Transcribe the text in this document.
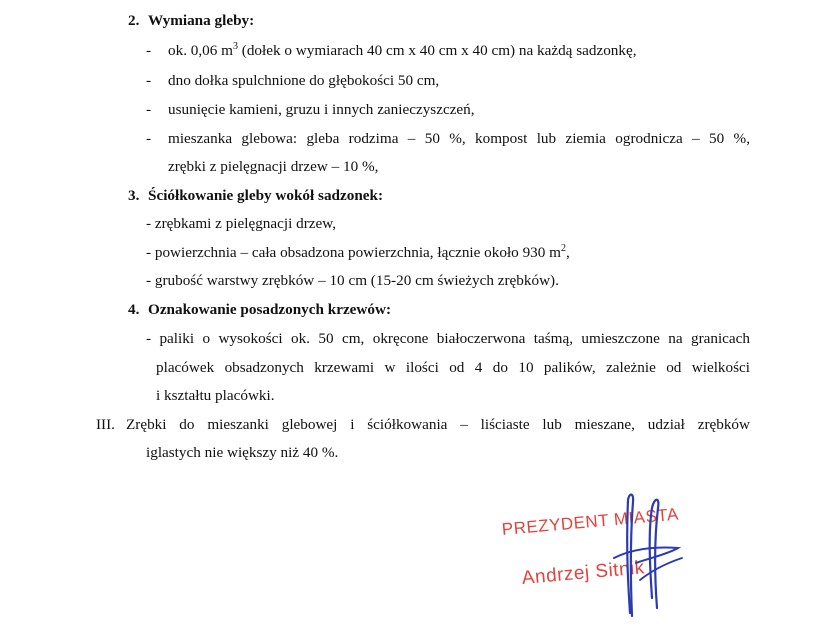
2. Wymiana gleby:
- ok. 0,06 $m^3$ (dołek o wymiarach 40 cm x 40 cm x 40 cm) na każdą sadzonkę,
- dno dołka spulchnione do głębokości 50 cm,
- usunięcie kamieni, gruzu i innych zanieczyszczeń,
-	mieszanka glebowa: gleba rodzima – 50 %, kompost lub ziemia ogrodnicza – 50 %,
zrębki z pielęgnacji drzew – 10 %,
3. Ściółkowanie gleby wokół sadzonek:
- zrębkami z pielęgnacji drzew,
- powierzchnia – cała obsadzona powierzchnia, łącznie około 930 $m^2$,
- grubość warstwy zrębków – 10 cm (15-20 cm świeżych zrębków).
4. Oznakowanie posadzonych krzewów:
- paliki o wysokości ok. 50 cm, okręcone białoczerwona taśmą, umieszczone na granicach
placówek obsadzonych krzewami w ilości od 4 do 10 palików, zależnie od wielkości
i kształtu placówki.
III. Zrębki do mieszanki glebowej i ściółkowania – liściaste lub mieszane, udział zrębków
iglastych nie większy niż 40 %.
PREZYDENT MIASTA
Andrzej Sitnik
